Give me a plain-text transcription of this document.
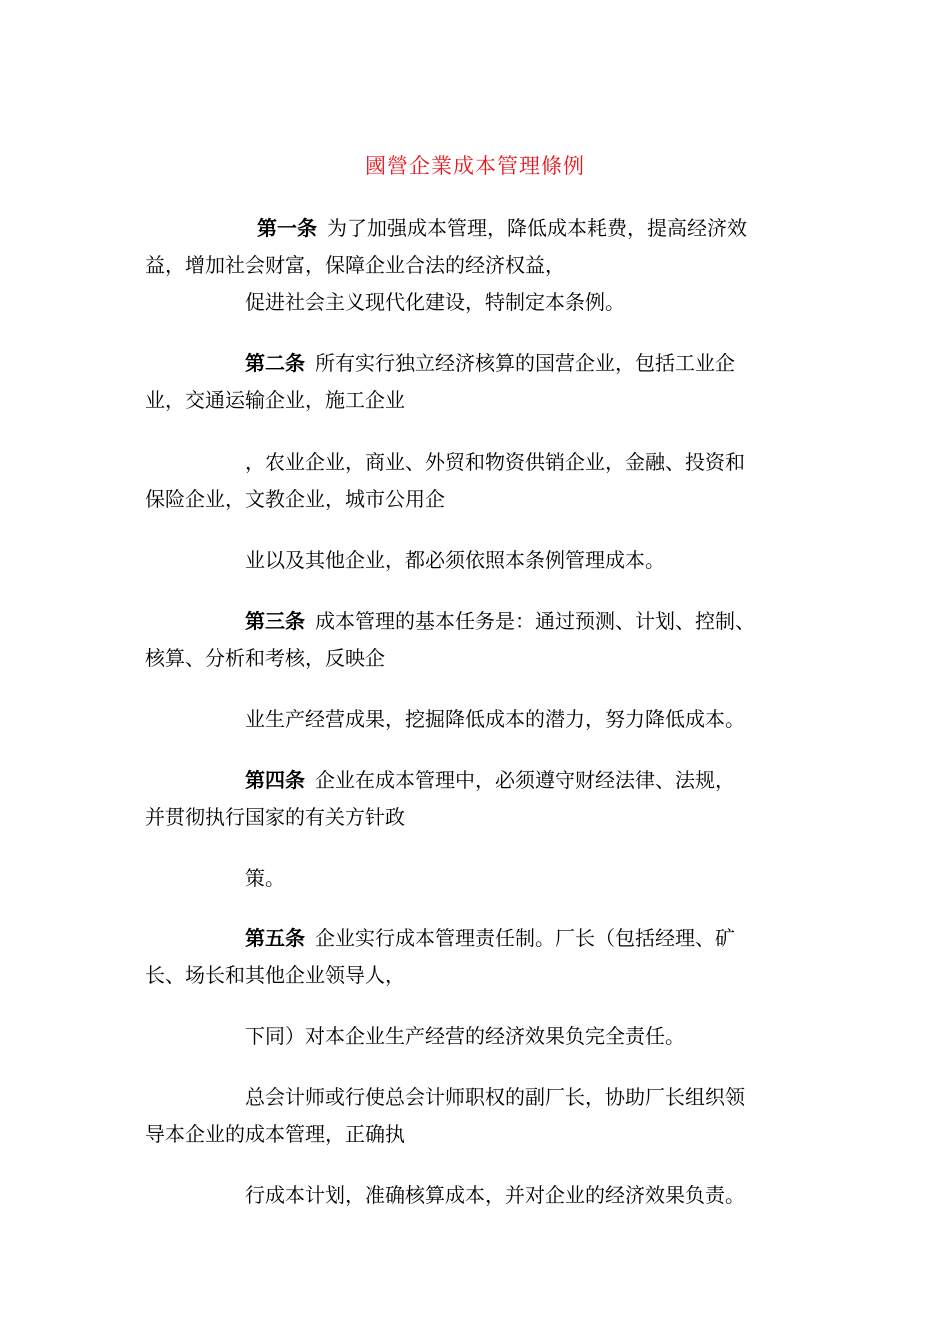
國營企業成本管理條例
第一条 为了加强成本管理，降低成本耗费，提高经济效
益，增加社会财富，保障企业合法的经济权益，
促进社会主义现代化建设，特制定本条例。
第二条 所有实行独立经济核算的国营企业，包括工业企
业，交通运输企业，施工企业
，农业企业，商业、外贸和物资供销企业，金融、投资和
保险企业，文教企业，城市公用企
业以及其他企业，都必须依照本条例管理成本。
第三条 成本管理的基本任务是：通过预测、计划、控制、
核算、分析和考核，反映企
业生产经营成果，挖掘降低成本的潜力，努力降低成本。
第四条 企业在成本管理中，必须遵守财经法律、法规，
并贯彻执行国家的有关方针政
策。
第五条 企业实行成本管理责任制。厂长（包括经理、矿
长、场长和其他企业领导人，
下同）对本企业生产经营的经济效果负完全责任。
总会计师或行使总会计师职权的副厂长，协助厂长组织领
导本企业的成本管理，正确执
行成本计划，准确核算成本，并对企业的经济效果负责。
